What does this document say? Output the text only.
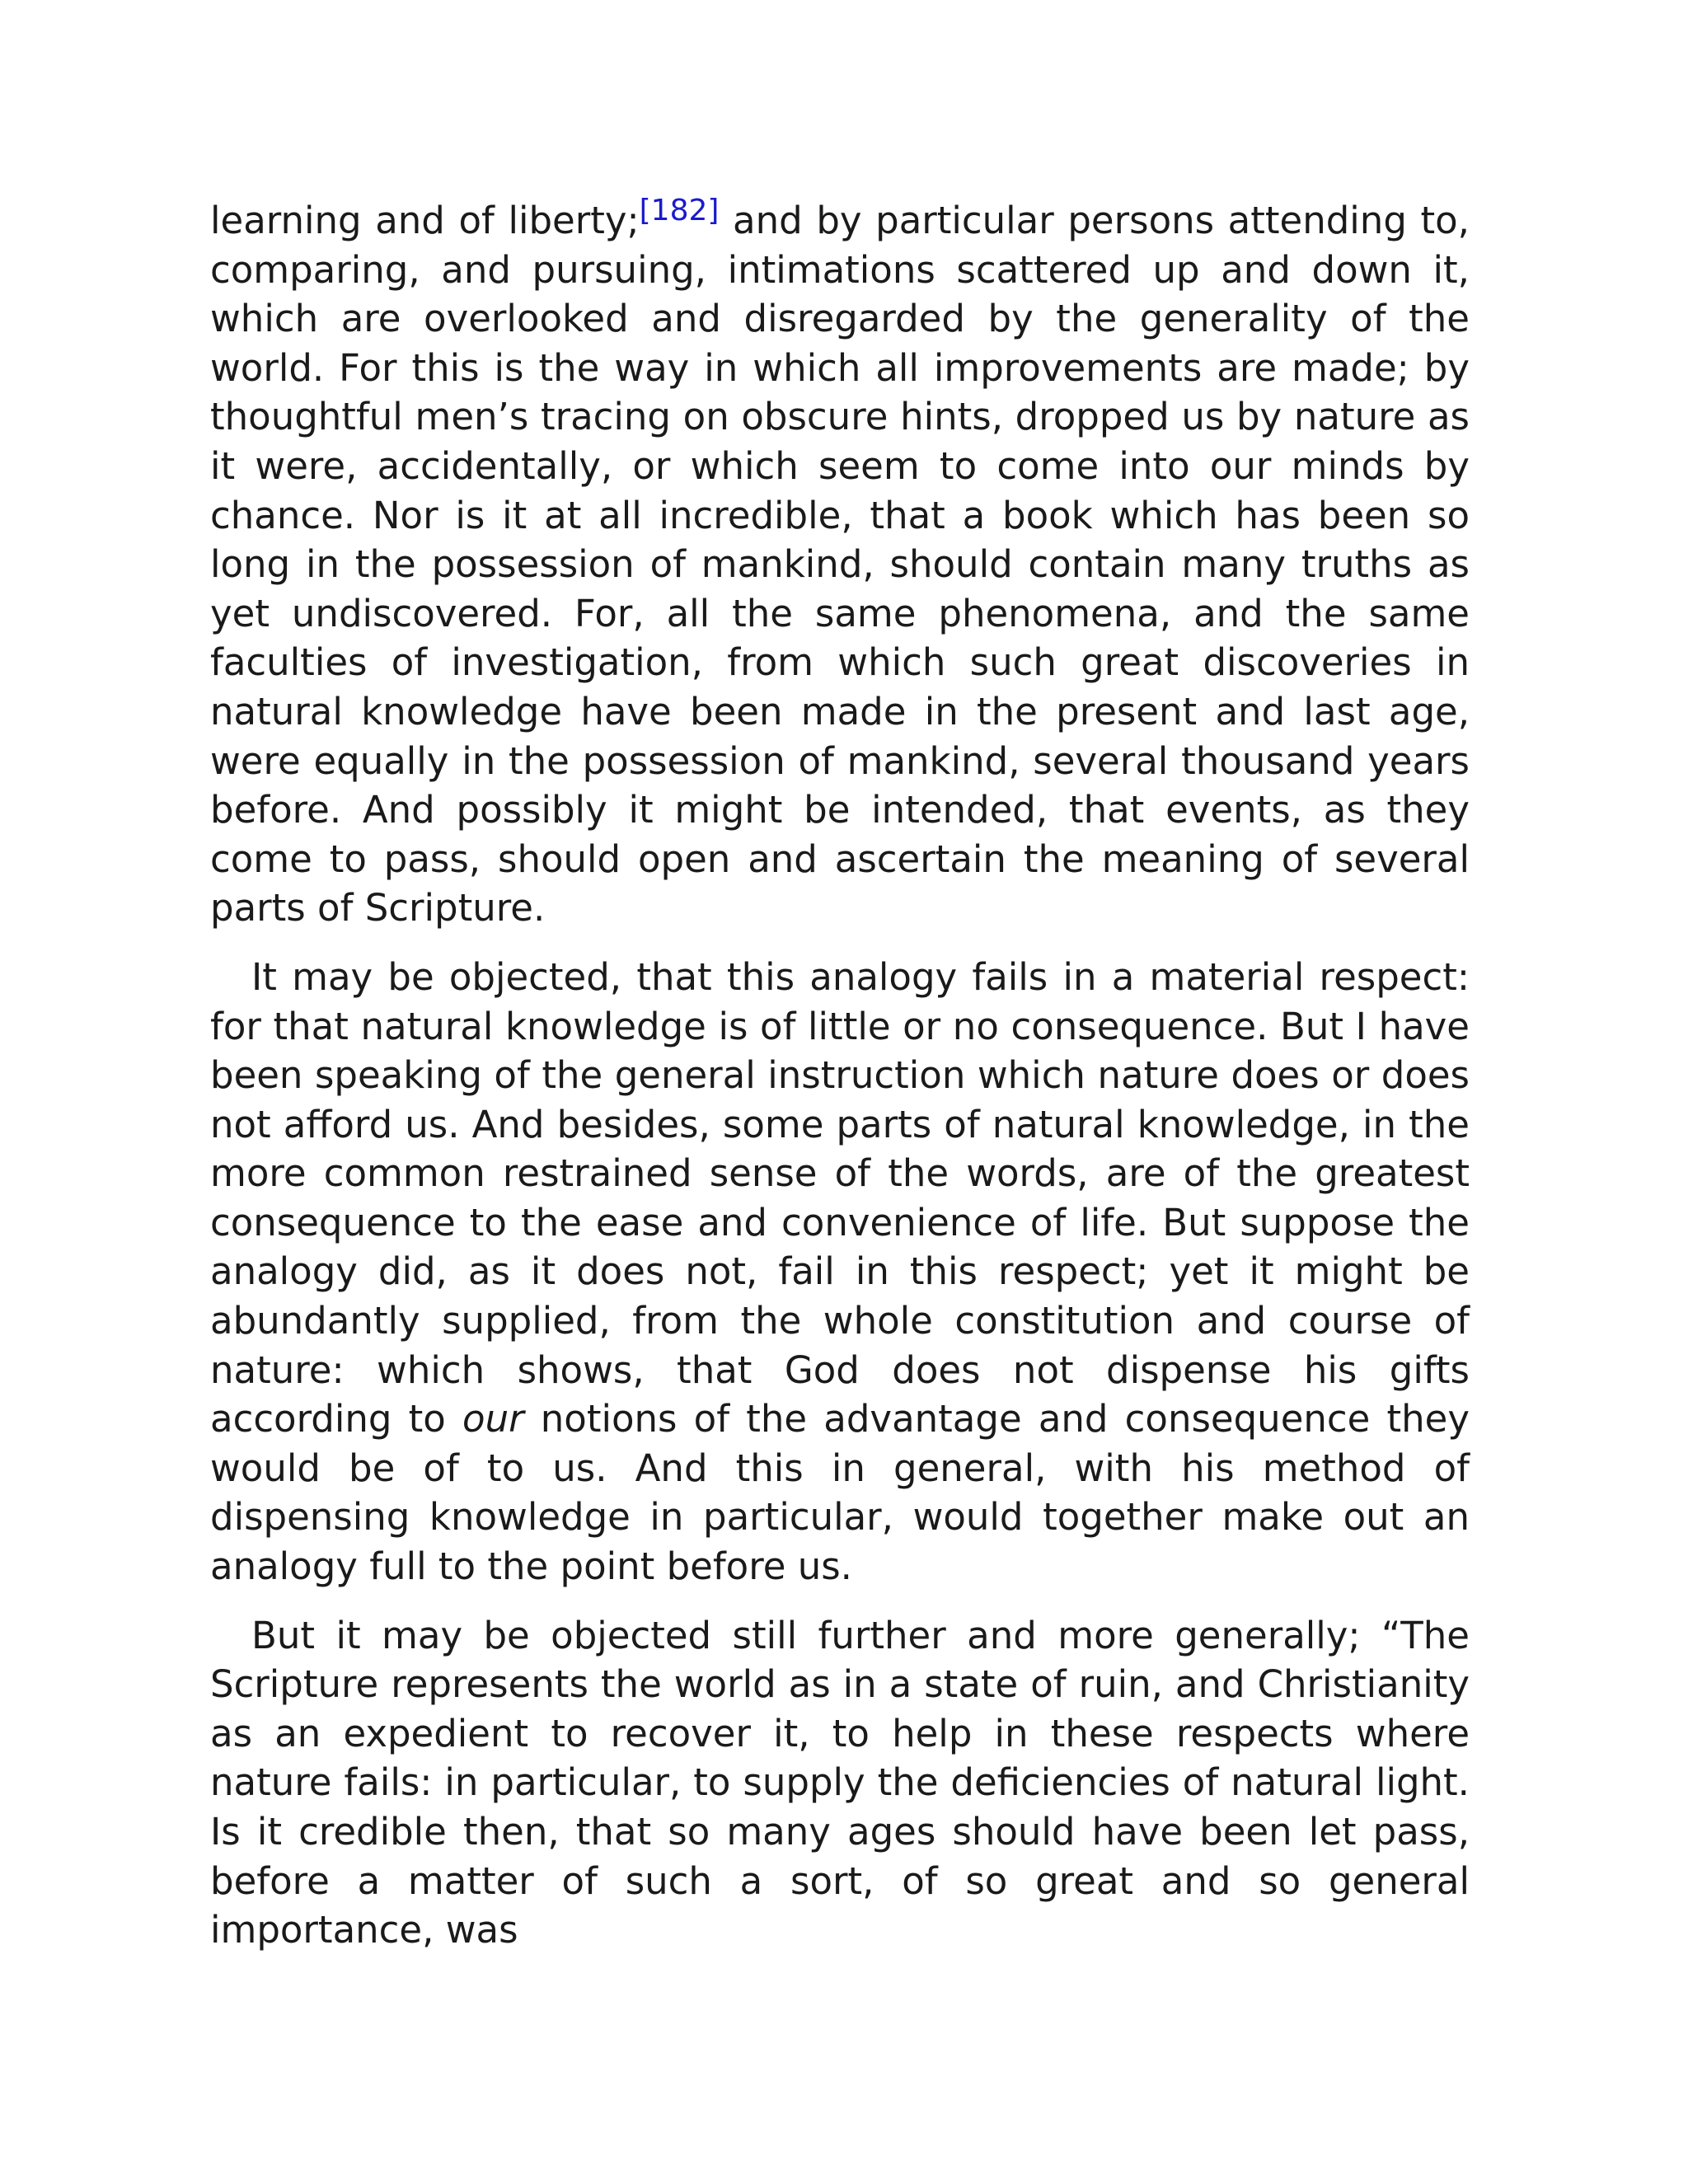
learning and of liberty;[182] and by particular persons attending to, comparing, and pursuing, intimations scattered up and down it, which are overlooked and disregarded by the generality of the world. For this is the way in which all improvements are made; by thoughtful men’s tracing on obscure hints, dropped us by nature as it were, accidentally, or which seem to come into our minds by chance. Nor is it at all incredible, that a book which has been so long in the possession of mankind, should contain many truths as yet undiscovered. For, all the same phenomena, and the same faculties of investigation, from which such great discoveries in natural knowledge have been made in the present and last age, were equally in the possession of mankind, several thousand years before. And possibly it might be intended, that events, as they come to pass, should open and ascertain the meaning of several parts of Scripture.

It may be objected, that this analogy fails in a material respect: for that natural knowledge is of little or no consequence. But I have been speaking of the general instruction which nature does or does not afford us. And besides, some parts of natural knowledge, in the more common restrained sense of the words, are of the greatest consequence to the ease and convenience of life. But suppose the analogy did, as it does not, fail in this respect; yet it might be abundantly supplied, from the whole constitution and course of nature: which shows, that God does not dispense his gifts according to our notions of the advantage and consequence they would be of to us. And this in general, with his method of dispensing knowledge in particular, would together make out an analogy full to the point before us.

But it may be objected still further and more generally; “The Scripture represents the world as in a state of ruin, and Christianity as an expedient to recover it, to help in these respects where nature fails: in particular, to supply the deficiencies of natural light. Is it credible then, that so many ages should have been let pass, before a matter of such a sort, of so great and so general importance, was
